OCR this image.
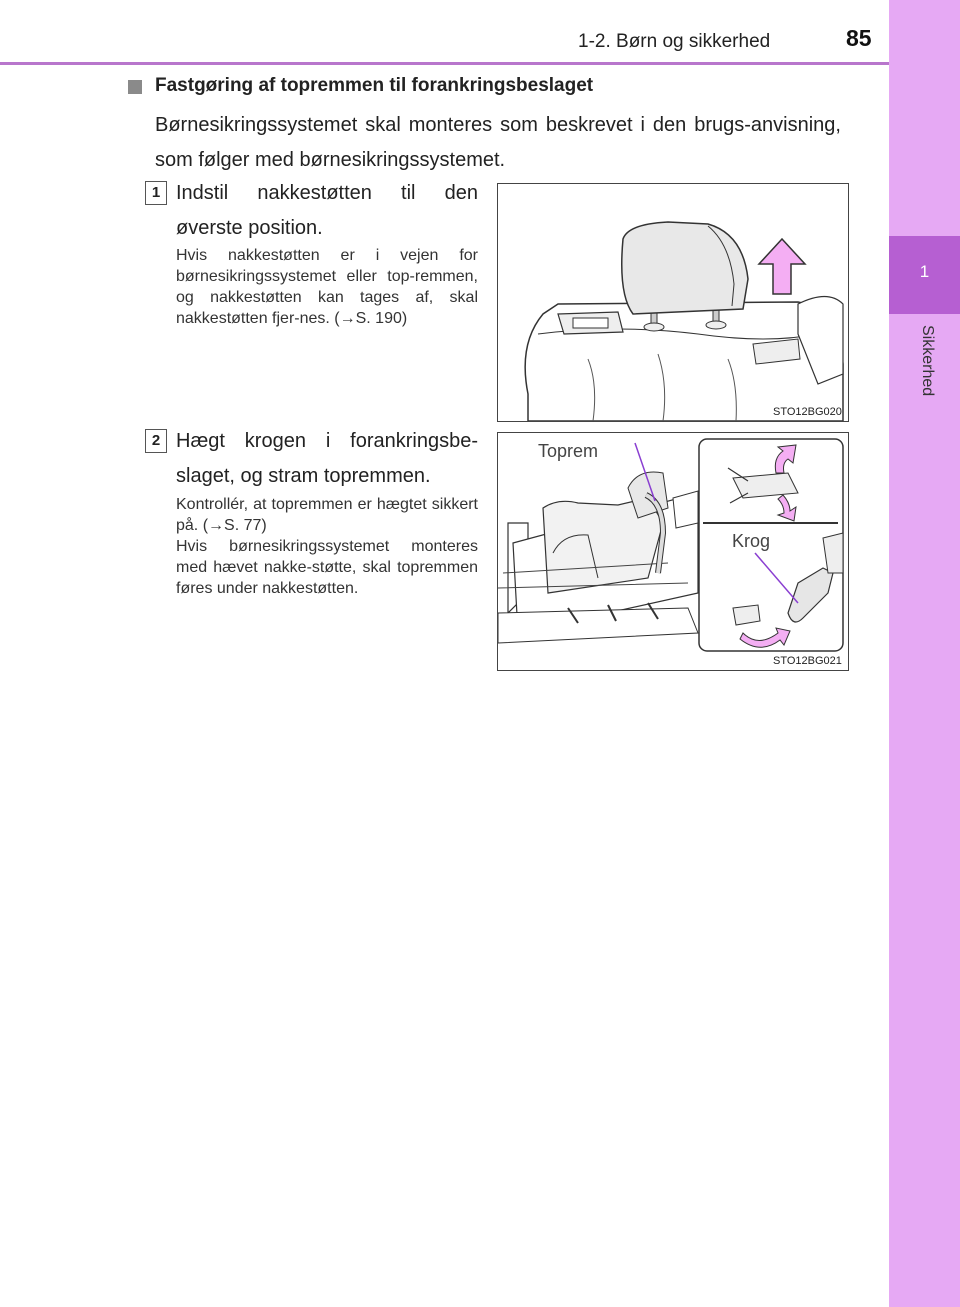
1
Sikkerhed
1-2. Børn og sikkerhed	85
Fastgøring af topremmen til forankringsbeslaget
Børnesikringssystemet skal monteres som beskrevet i den brugs-anvisning, som følger med børnesikringssystemet.
1 Indstil nakkestøtten til den øverste position.
Hvis nakkestøtten er i vejen for børnesikringssystemet eller top-remmen, og nakkestøtten kan tages af, skal nakkestøtten fjer-nes. (→S. 190)
STO12BG020
2 Hægt krogen i forankringsbe-slaget, og stram topremmen.
Kontrollér, at topremmen er hægtet sikkert på. (→S. 77)
Hvis børnesikringssystemet monteres med hævet nakke-støtte, skal topremmen føres under nakkestøtten.
Toprem
Krog
STO12BG021
